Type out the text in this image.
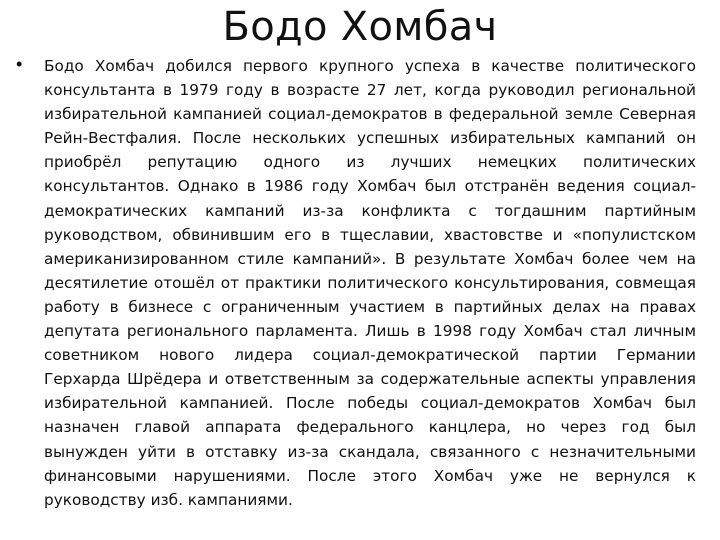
Бодо Хомбач
• Бодо Хомбач добился первого крупного успеха в качестве политического консультанта в 1979 году в возрасте 27 лет, когда руководил региональной избирательной кампанией социал-демократов в федеральной земле Северная Рейн-Вестфалия. После нескольких успешных избирательных кампаний он приобрёл репутацию одного из лучших немецких политических консультантов. Однако в 1986 году Хомбач был отстранён ведения социал-демократических кампаний из-за конфликта с тогдашним партийным руководством, обвинившим его в тщеславии, хвастовстве и «популистском американизированном стиле кампаний». В результате Хомбач более чем на десятилетие отошёл от практики политического консультирования, совмещая работу в бизнесе с ограниченным участием в партийных делах на правах депутата регионального парламента. Лишь в 1998 году Хомбач стал личным советником нового лидера социал-демократической партии Германии Герхарда Шрёдера и ответственным за содержательные аспекты управления избирательной кампанией. После победы социал-демократов Хомбач был назначен главой аппарата федерального канцлера, но через год был вынужден уйти в отставку из-за скандала, связанного с незначительными финансовыми нарушениями. После этого Хомбач уже не вернулся к руководству изб. кампаниями.
